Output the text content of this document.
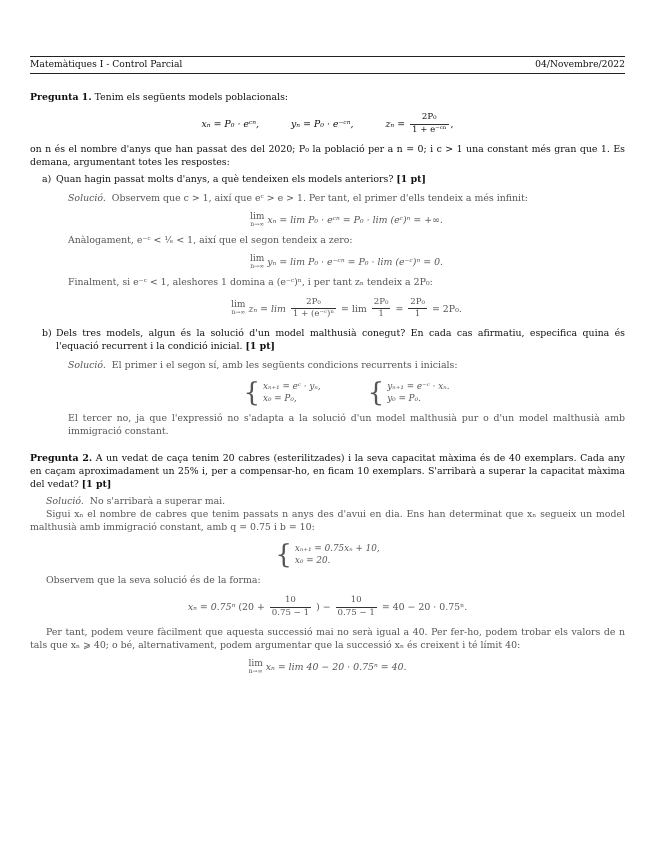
Matemàtiques I - Control Parcial	04/Novembre/2022

Pregunta 1. Tenim els següents models poblacionals:

xₙ = P₀ · eᶜⁿ,	yₙ = P₀ · e⁻ᶜⁿ,	$z_n = \frac{\text{2P₀}}{\text{1 + e⁻ᶜⁿ}}$ ,

on n és el nombre d'anys que han passat des del 2020; P₀ la població per a n = 0; i c > 1 una constant més gran que 1. Es demana, argumentant totes les respostes:

a) Quan hagin passat molts d'anys, a què tendeixen els models anteriors? [1 pt]

Solució. Observem que c > 1, així que eᶜ > e > 1. Per tant, el primer d'ells tendeix a més infinit:

lim
n→∞ xₙ = lim P₀ · eᶜⁿ = P₀ · lim (eᶜ)ⁿ = +∞.

Anàlogament, e⁻ᶜ < ¹⁄ₑ < 1, així que el segon tendeix a zero:

lim
n→∞ yₙ = lim P₀ · e⁻ᶜⁿ = P₀ · lim (e⁻ᶜ)ⁿ = 0.

Finalment, si e⁻ᶜ < 1, aleshores 1 domina a (e⁻ᶜ)ⁿ, i per tant zₙ tendeix a 2P₀:

lim
n→∞ $z_n = \lim \frac{\text{2P₀}}{\text{1 + (e⁻ᶜ)ⁿ}} = \lim \frac{\text{2P₀}}{1} = \frac{\text{2P₀}}{1} = 2P_0$.

b) Dels tres models, algun és la solució d'un model malthusià conegut? En cada cas afirmatiu, especifica quina és l'equació recurrent i la condició inicial. [1 pt]

Solució. El primer i el segon sí, amb les següents condicions recurrents i inicials:

{ xₙ₊₁ = eᶜ · yₙ,
x₀ = P₀,
	{ yₙ₊₁ = e⁻ᶜ · xₙ.
y₀ = P₀.

El tercer no, ja que l'expressió no s'adapta a la solució d'un model malthusià pur o d'un model malthusià amb immigració constant.

Pregunta 2. A un vedat de caça tenim 20 cabres (esterilitzades) i la seva capacitat màxima és de 40 exemplars. Cada any en caçam aproximadament un 25% i, per a compensar-ho, en ficam 10 exemplars. S'arribarà a superar la capacitat màxima del vedat? [1 pt]

Solució. No s'arribarà a superar mai.

Sigui xₙ el nombre de cabres que tenim passats n anys des d'avui en dia. Ens han determinat que xₙ segueix un model malthusià amb immigració constant, amb q = 0.75 i b = 10:

{ xₙ₊₁ = 0.75xₙ + 10,
x₀ = 20.

Observem que la seva solució és de la forma:

xₙ = 0.75ⁿ ($20 + \frac{10}{0.75 - 1}$ ) − $\frac{10}{0.75 - 1} = 40 - 20 \cdot 0.75^n$.

Per tant, podem veure fàcilment que aquesta successió mai no serà igual a 40. Per fer-ho, podem trobar els valors de n tals que xₙ ⩾ 40; o bé, alternativament, podem argumentar que la successió xₙ és creixent i té límit 40:

lim
n→∞ xₙ = lim 40 − 20 · 0.75ⁿ = 40.
